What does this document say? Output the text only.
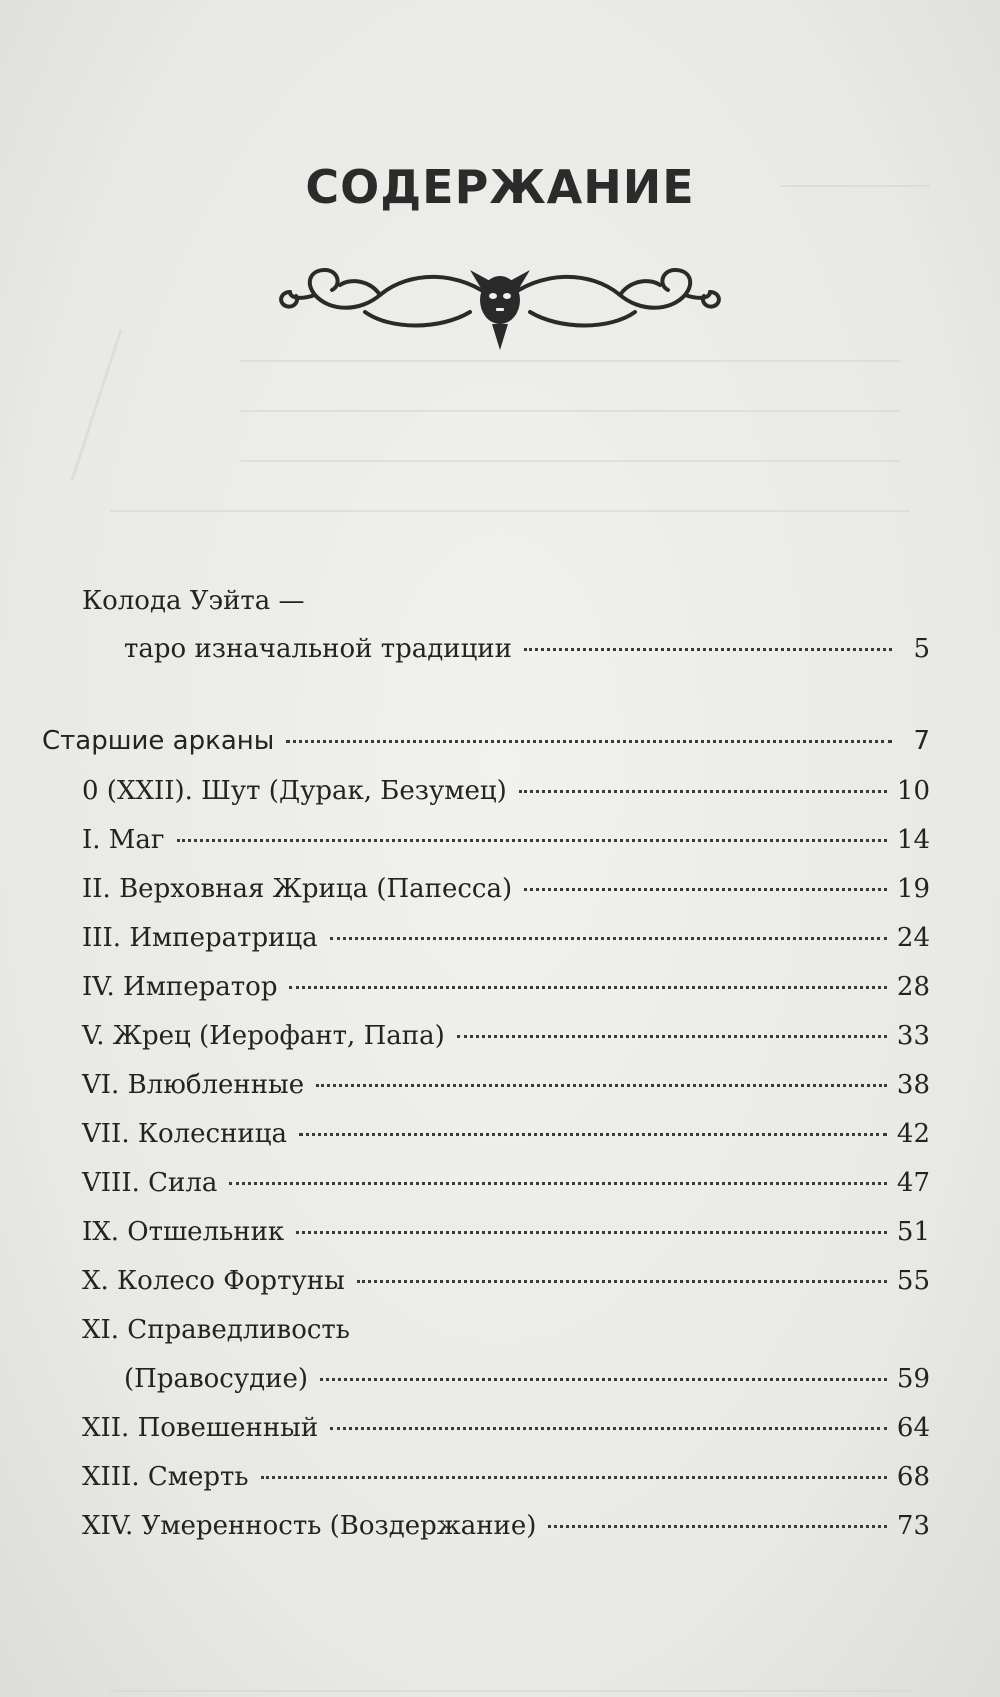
СОДЕРЖАНИЕ
Колода Уэйта —
таро изначальной традиции	5
Старшие арканы	7
0 (XXII). Шут (Дурак, Безумец)	10
I. Маг	14
II. Верховная Жрица (Папесса)	19
III. Императрица	24
IV. Император	28
V. Жрец (Иерофант, Папа)	33
VI. Влюбленные	38
VII. Колесница	42
VIII. Сила	47
IX. Отшельник	51
X. Колесо Фортуны	55
XI. Справедливость
(Правосудие)	59
XII. Повешенный	64
XIII. Смерть	68
XIV. Умеренность (Воздержание)	73
